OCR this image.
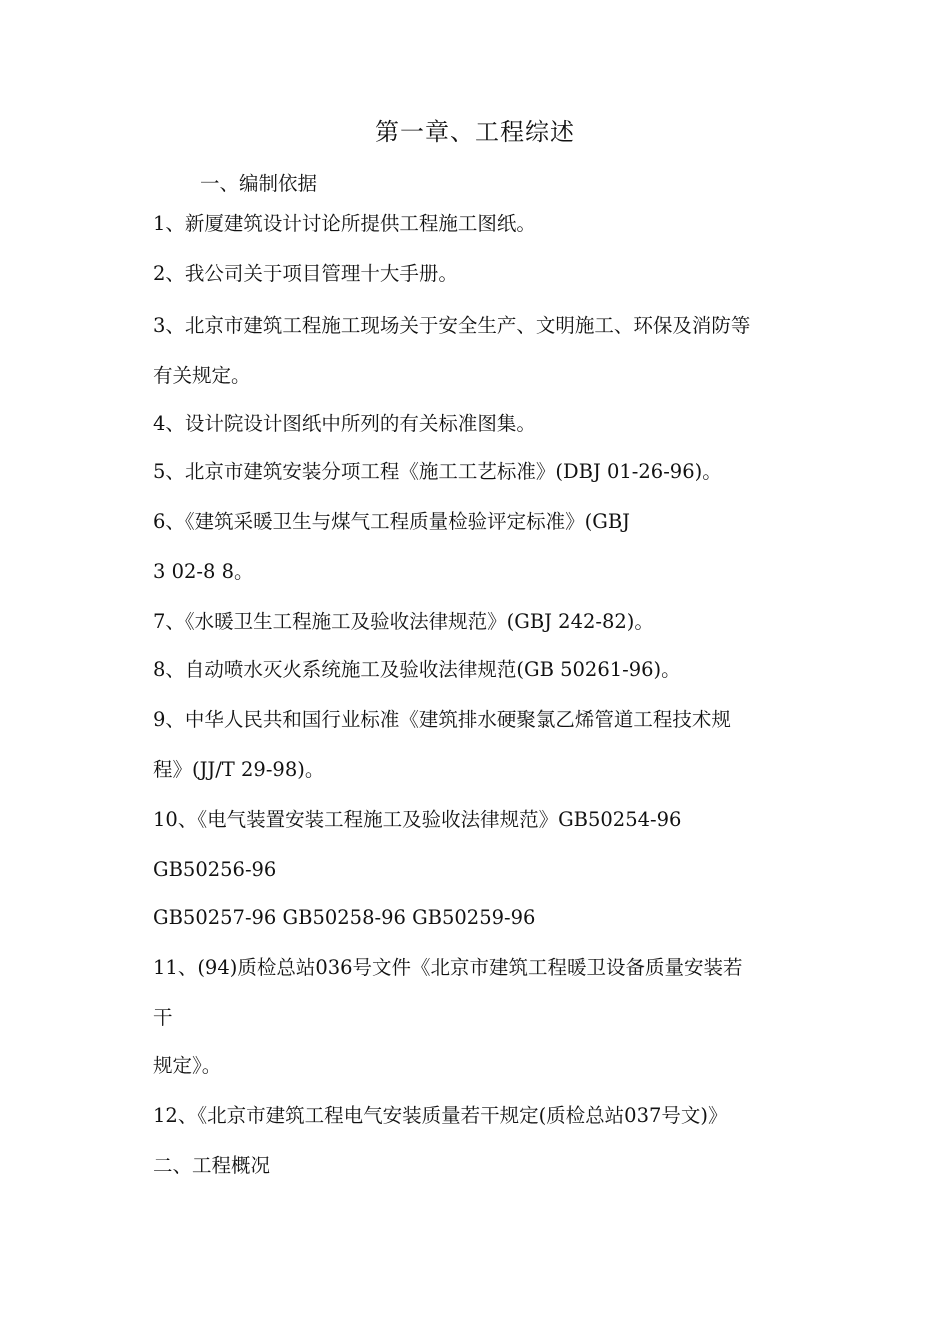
第一章、工程综述
一、编制依据
1、新厦建筑设计讨论所提供工程施工图纸。
2、我公司关于项目管理十大手册。
3、北京市建筑工程施工现场关于安全生产、文明施工、环保及消防等
有关规定。
4、设计院设计图纸中所列的有关标准图集。
5、北京市建筑安装分项工程《施工工艺标准》(DBJ 01-26-96)。
6、《建筑采暖卫生与煤气工程质量检验评定标准》(GBJ
3 02-8 8。
7、《水暖卫生工程施工及验收法律规范》(GBJ 242-82)。
8、自动喷水灭火系统施工及验收法律规范(GB 50261-96)。
9、中华人民共和国行业标准《建筑排水硬聚氯乙烯管道工程技术规
程》(JJ/T 29-98)。
10、《电气装置安装工程施工及验收法律规范》GB50254-96
GB50256-96
GB50257-96 GB50258-96 GB50259-96
11、(94)质检总站036号文件《北京市建筑工程暖卫设备质量安装若
干
规定》。
12、《北京市建筑工程电气安装质量若干规定(质检总站037号文)》
二、工程概况
